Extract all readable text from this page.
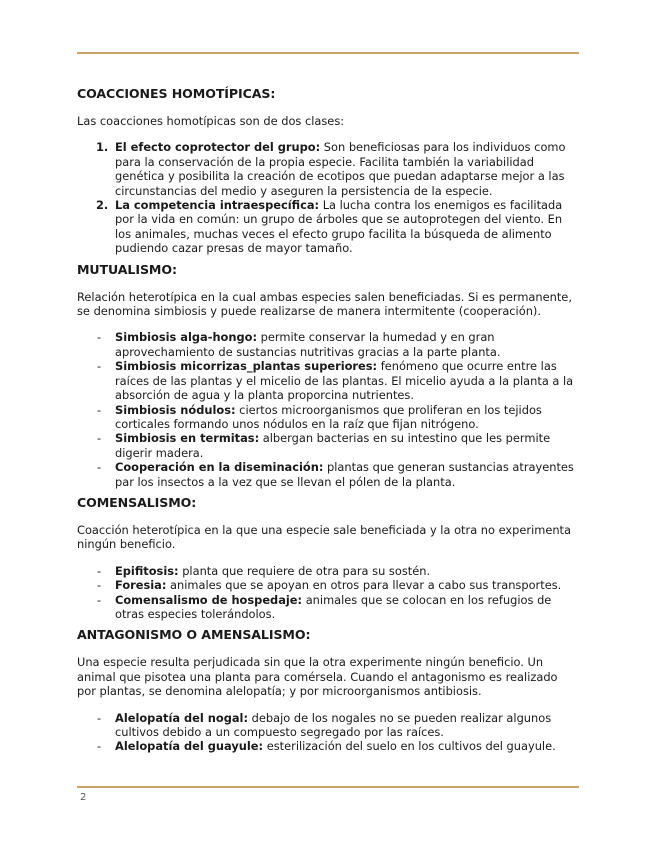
COACCIONES HOMOTÍPICAS:

Las coacciones homotípicas son de dos clases:

1. El efecto coprotector del grupo: Son beneficiosas para los individuos como para la conservación de la propia especie. Facilita también la variabilidad genética y posibilita la creación de ecotipos que puedan adaptarse mejor a las circunstancias del medio y aseguren la persistencia de la especie.
2. La competencia intraespecífica: La lucha contra los enemigos es facilitada por la vida en común: un grupo de árboles que se autoprotegen del viento. En los animales, muchas veces el efecto grupo facilita la búsqueda de alimento pudiendo cazar presas de mayor tamaño.
MUTUALISMO:

Relación heterotípica en la cual ambas especies salen beneficiadas. Si es permanente, se denomina simbiosis y puede realizarse de manera intermitente (cooperación).

- Simbiosis alga-hongo: permite conservar la humedad y en gran aprovechamiento de sustancias nutritivas gracias a la parte planta.
- Simbiosis micorrizas_plantas superiores: fenómeno que ocurre entre las raíces de las plantas y el micelio de las plantas. El micelio ayuda a la planta a la absorción de agua y la planta proporcina nutrientes.
- Simbiosis nódulos: ciertos microorganismos que proliferan en los tejidos corticales formando unos nódulos en la raíz que fijan nitrógeno.
- Simbiosis en termitas: albergan bacterias en su intestino que les permite digerir madera.
- Cooperación en la diseminación: plantas que generan sustancias atrayentes par los insectos a la vez que se llevan el pólen de la planta.
COMENSALISMO:

Coacción heterotípica en la que una especie sale beneficiada y la otra no experimenta ningún beneficio.

- Epifitosis: planta que requiere de otra para su sostén.
- Foresia: animales que se apoyan en otros para llevar a cabo sus transportes.
- Comensalismo de hospedaje: animales que se colocan en los refugios de otras especies tolerándolos.
ANTAGONISMO O AMENSALISMO:

Una especie resulta perjudicada sin que la otra experimente ningún beneficio. Un animal que pisotea una planta para comérsela. Cuando el antagonismo es realizado por plantas, se denomina alelopatía; y por microorganismos antibiosis.

- Alelopatía del nogal: debajo de los nogales no se pueden realizar algunos cultivos debido a un compuesto segregado por las raíces.
- Alelopatía del guayule: esterilización del suelo en los cultivos del guayule.
2
